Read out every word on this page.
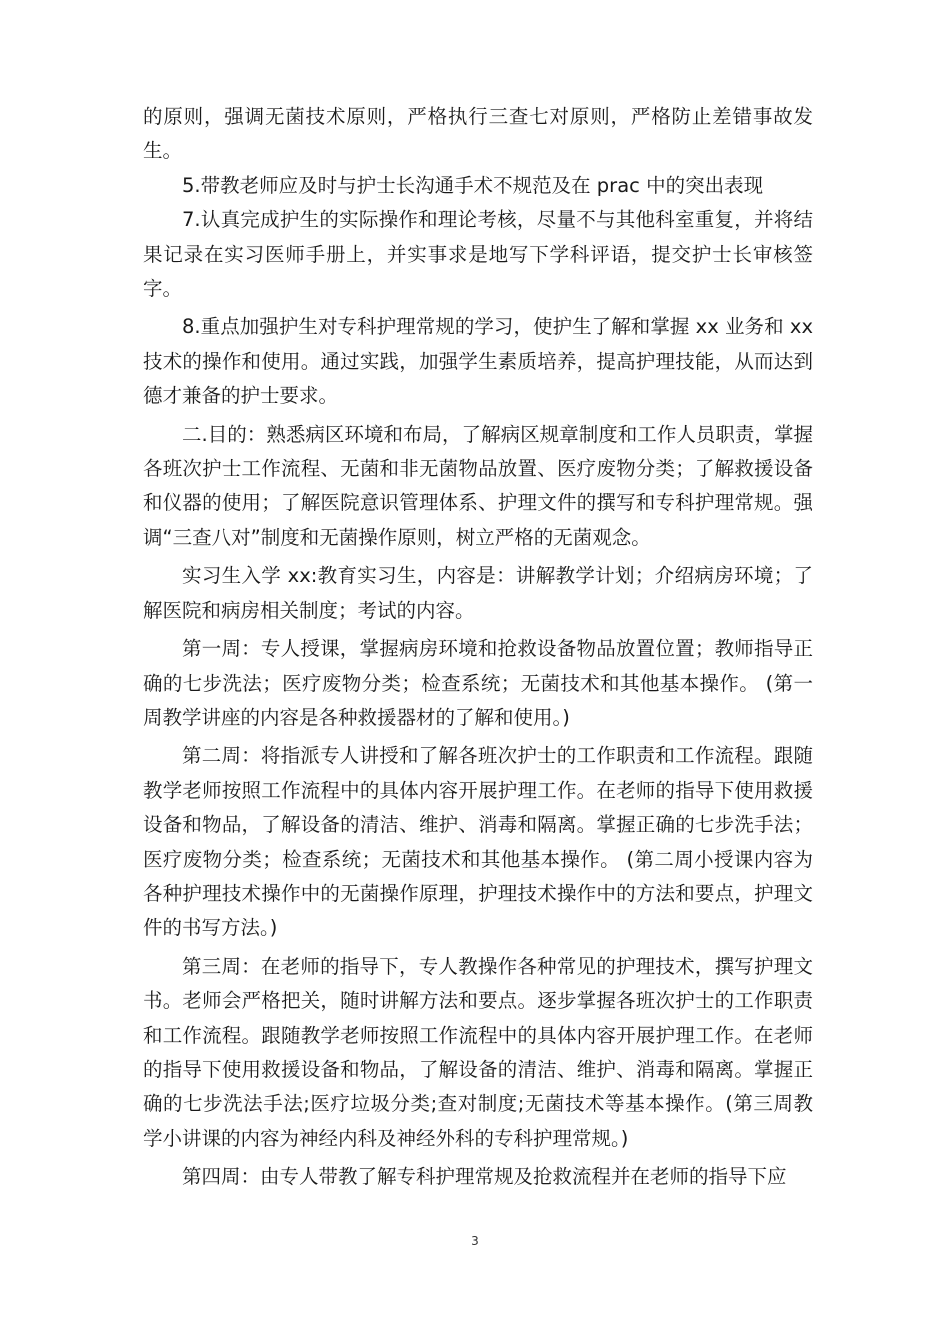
的原则，强调无菌技术原则，严格执行三查七对原则，严格防止差错事故发生。

5.带教老师应及时与护士长沟通手术不规范及在 prac 中的突出表现

7.认真完成护生的实际操作和理论考核，尽量不与其他科室重复，并将结果记录在实习医师手册上，并实事求是地写下学科评语，提交护士长审核签字。

8.重点加强护生对专科护理常规的学习，使护生了解和掌握 xx 业务和 xx 技术的操作和使用。通过实践，加强学生素质培养，提高护理技能，从而达到德才兼备的护士要求。

二.目的：熟悉病区环境和布局，了解病区规章制度和工作人员职责，掌握各班次护士工作流程、无菌和非无菌物品放置、医疗废物分类；了解救援设备和仪器的使用；了解医院意识管理体系、护理文件的撰写和专科护理常规。强调“三查八对”制度和无菌操作原则，树立严格的无菌观念。

实习生入学 xx:教育实习生，内容是：讲解教学计划；介绍病房环境；了解医院和病房相关制度；考试的内容。

第一周：专人授课，掌握病房环境和抢救设备物品放置位置；教师指导正确的七步洗法；医疗废物分类；检查系统；无菌技术和其他基本操作。 (第一周教学讲座的内容是各种救援器材的了解和使用。)

第二周：将指派专人讲授和了解各班次护士的工作职责和工作流程。跟随教学老师按照工作流程中的具体内容开展护理工作。在老师的指导下使用救援设备和物品，了解设备的清洁、维护、消毒和隔离。掌握正确的七步洗手法；医疗废物分类；检查系统；无菌技术和其他基本操作。 (第二周小授课内容为各种护理技术操作中的无菌操作原理，护理技术操作中的方法和要点，护理文件的书写方法。)

第三周：在老师的指导下，专人教操作各种常见的护理技术，撰写护理文书。老师会严格把关，随时讲解方法和要点。逐步掌握各班次护士的工作职责和工作流程。跟随教学老师按照工作流程中的具体内容开展护理工作。在老师的指导下使用救援设备和物品，了解设备的清洁、维护、消毒和隔离。掌握正确的七步洗法手法;医疗垃圾分类;查对制度;无菌技术等基本操作。(第三周教学小讲课的内容为神经内科及神经外科的专科护理常规。)

第四周：由专人带教了解专科护理常规及抢救流程并在老师的指导下应

3
